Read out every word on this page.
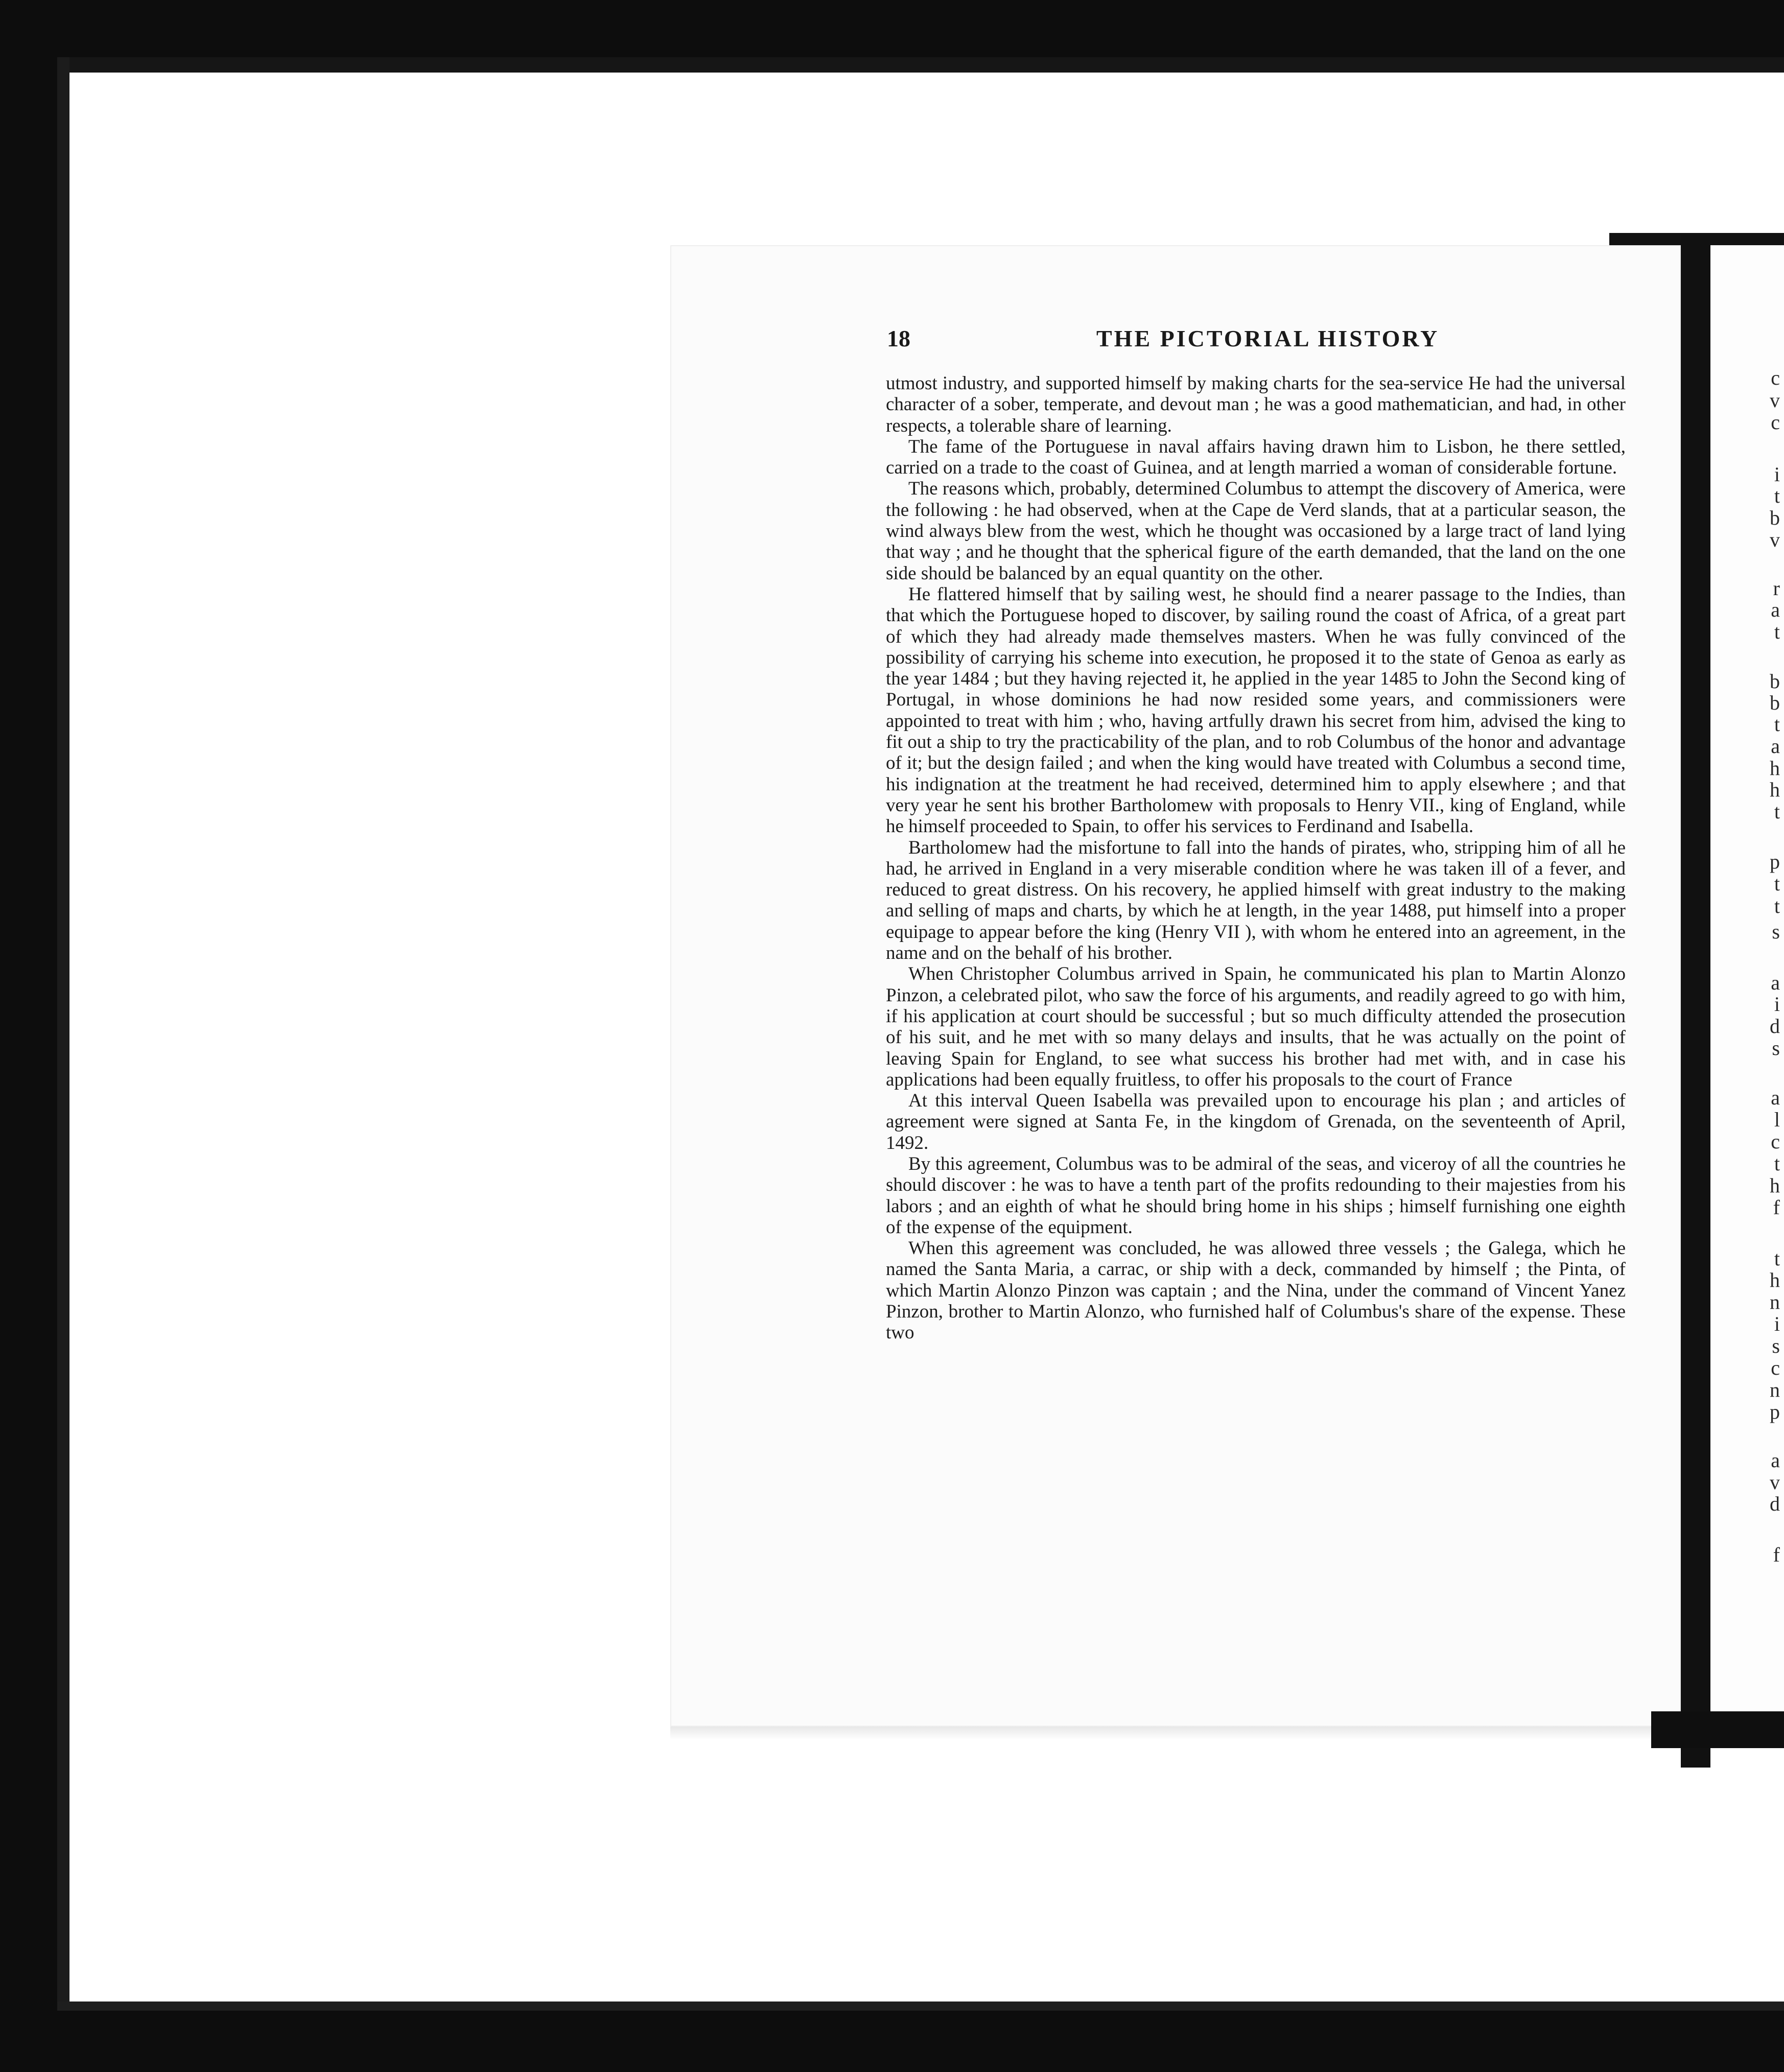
c
v
c
i
t
b
v
r
a
t
b
b
t
a
h
h
t
p
t
t
s
a
i
d
s
a
l
c
t
h
f
t
h
n
i
s
c
n
p
a
v
d
f
18	THE PICTORIAL HISTORY

utmost industry, and supported himself by making charts for the sea-service He had the universal character of a sober, temperate, and devout man ; he was a good mathematician, and had, in other respects, a tolerable share of learning.

The fame of the Portuguese in naval affairs having drawn him to Lisbon, he there settled, carried on a trade to the coast of Guinea, and at length married a woman of considerable fortune.

The reasons which, probably, determined Columbus to attempt the discovery of America, were the following : he had observed, when at the Cape de Verd slands, that at a particular season, the wind always blew from the west, which he thought was occasioned by a large tract of land lying that way ; and he thought that the spherical figure of the earth demanded, that the land on the one side should be balanced by an equal quantity on the other.

He flattered himself that by sailing west, he should find a nearer passage to the Indies, than that which the Portuguese hoped to discover, by sailing round the coast of Africa, of a great part of which they had already made themselves masters. When he was fully convinced of the possibility of carrying his scheme into execution, he proposed it to the state of Genoa as early as the year 1484 ; but they having rejected it, he applied in the year 1485 to John the Second king of Portugal, in whose dominions he had now resided some years, and commissioners were appointed to treat with him ; who, having artfully drawn his secret from him, advised the king to fit out a ship to try the practicability of the plan, and to rob Columbus of the honor and advantage of it; but the design failed ; and when the king would have treated with Columbus a second time, his indignation at the treatment he had received, determined him to apply elsewhere ; and that very year he sent his brother Bartholomew with proposals to Henry VII., king of England, while he himself proceeded to Spain, to offer his services to Ferdinand and Isabella.

Bartholomew had the misfortune to fall into the hands of pirates, who, stripping him of all he had, he arrived in England in a very miserable condition where he was taken ill of a fever, and reduced to great distress. On his recovery, he applied himself with great industry to the making and selling of maps and charts, by which he at length, in the year 1488, put himself into a proper equipage to appear before the king (Henry VII ), with whom he entered into an agreement, in the name and on the behalf of his brother.

When Christopher Columbus arrived in Spain, he communicated his plan to Martin Alonzo Pinzon, a celebrated pilot, who saw the force of his arguments, and readily agreed to go with him, if his application at court should be successful ; but so much difficulty attended the prosecution of his suit, and he met with so many delays and insults, that he was actually on the point of leaving Spain for England, to see what success his brother had met with, and in case his applications had been equally fruitless, to offer his proposals to the court of France

At this interval Queen Isabella was prevailed upon to encourage his plan ; and articles of agreement were signed at Santa Fe, in the kingdom of Grenada, on the seventeenth of April, 1492.

By this agreement, Columbus was to be admiral of the seas, and viceroy of all the countries he should discover : he was to have a tenth part of the profits redounding to their majesties from his labors ; and an eighth of what he should bring home in his ships ; himself furnishing one eighth of the expense of the equipment.

When this agreement was concluded, he was allowed three vessels ; the Galega, which he named the Santa Maria, a carrac, or ship with a deck, commanded by himself ; the Pinta, of which Martin Alonzo Pinzon was captain ; and the Nina, under the command of Vincent Yanez Pinzon, brother to Martin Alonzo, who furnished half of Columbus's share of the expense. These two
